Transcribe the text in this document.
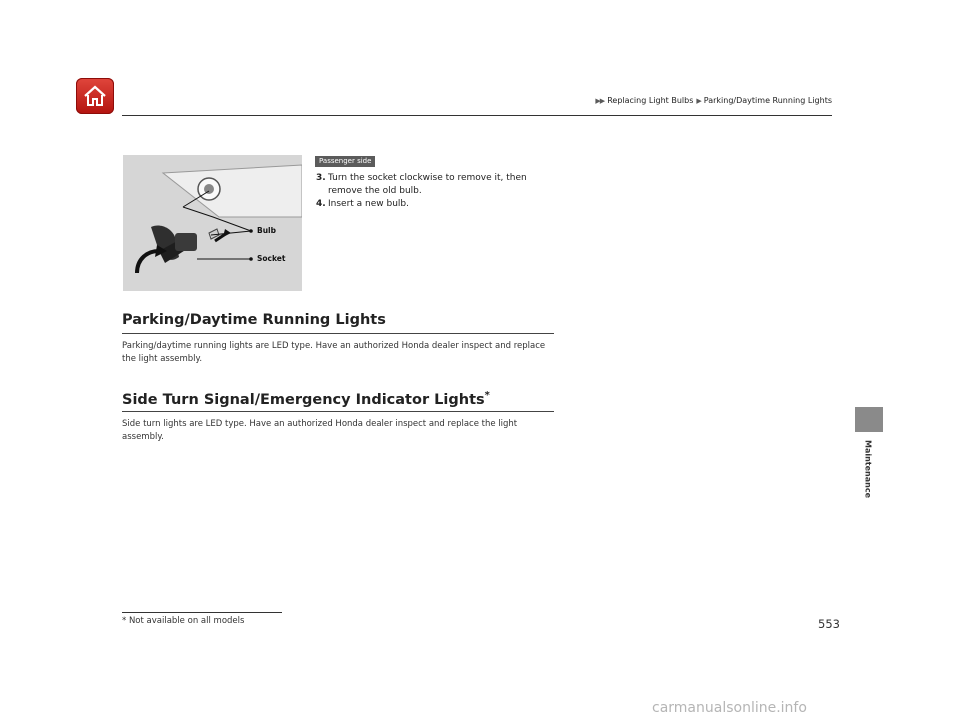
▶▶ Replacing Light Bulbs ▶ Parking/Daytime Running Lights
Bulb
Socket
Passenger side
3. Turn the socket clockwise to remove it, then remove the old bulb.
4. Insert a new bulb.
Parking/Daytime Running Lights
Parking/daytime running lights are LED type. Have an authorized Honda dealer inspect and replace the light assembly.
Side Turn Signal/Emergency Indicator Lights*
Side turn lights are LED type. Have an authorized Honda dealer inspect and replace the light assembly.
Maintenance
* Not available on all models	553
carmanualsonline.info
